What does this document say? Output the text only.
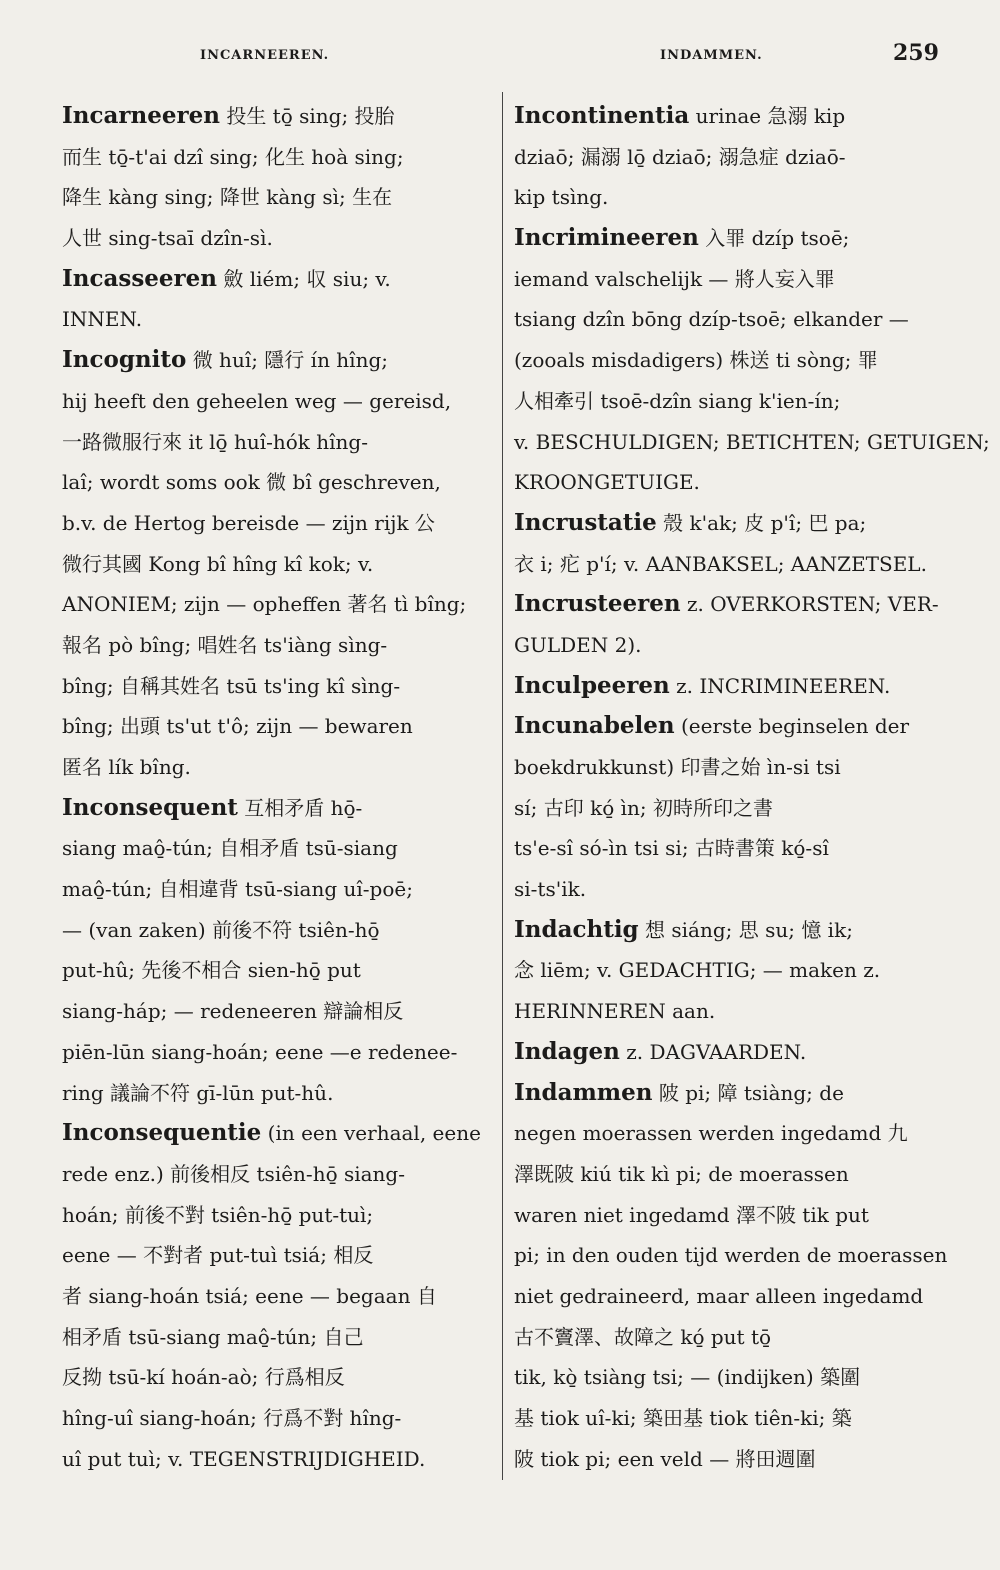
INCARNEEREN.	INDAMMEN.	259
Incarneeren 投生 tō̱ sing; 投胎
而生 tō̱-t'ai dzî sing; 化生 hoà sing;
降生 kàng sing; 降世 kàng sì; 生在
人世 sing-tsaī dzîn-sì.
Incasseeren 斂 liém; 収 siu; v.
INNEN.
Incognito 微 huî; 隱行 ín hîng;
hij heeft den geheelen weg — gereisd,
一路微服行來 it lō̱ huî-hók hîng-
laî; wordt soms ook 微 bî geschreven,
b.v. de Hertog bereisde — zijn rijk 公
微行其國 Kong bî hîng kî kok; v.
ANONIEM; zijn — opheffen 著名 tì bîng;
報名 pò bîng; 唱姓名 ts'iàng sìng-
bîng; 自稱其姓名 tsū ts'ing kî sìng-
bîng; 出頭 ts'ut t'ô; zijn — bewaren
匿名 lík bîng.
Inconsequent 互相矛盾 hō̱-
siang maô̱-tún; 自相矛盾 tsū-siang
maô̱-tún; 自相違背 tsū-siang uî-poē;
— (van zaken) 前後不符 tsiên-hō̱
put-hû; 先後不相合 sien-hō̱ put
siang-háp; — redeneeren 辯論相反
piēn-lūn siang-hoán; eene —e redenee-
ring 議論不符 gī-lūn put-hû.
Inconsequentie (in een verhaal, eene
rede enz.) 前後相反 tsiên-hō̱ siang-
hoán; 前後不對 tsiên-hō̱ put-tuì;
eene — 不對者 put-tuì tsiá; 相反
者 siang-hoán tsiá; eene — begaan 自
相矛盾 tsū-siang maô̱-tún; 自己
反拗 tsū-kí hoán-aò; 行爲相反
hîng-uî siang-hoán; 行爲不對 hîng-
uî put tuì; v. TEGENSTRIJDIGHEID.
Incontinentia urinae 急溺 kip
dziaō; 漏溺 lō̱ dziaō; 溺急症 dziaō-
kip tsìng.
Incrimineeren 入罪 dzíp tsoē;
iemand valschelijk — 將人妄入罪
tsiang dzîn bōng dzíp-tsoē; elkander —
(zooals misdadigers) 株送 ti sòng; 罪
人相牽引 tsoē-dzîn siang k'ien-ín;
v. BESCHULDIGEN; BETICHTEN; GETUIGEN;
KROONGETUIGE.
Incrustatie 殼 k'ak; 皮 p'î; 巴 pa;
衣 i; 疕 p'í; v. AANBAKSEL; AANZETSEL.
Incrusteeren z. OVERKORSTEN; VER-
GULDEN 2).
Inculpeeren z. INCRIMINEEREN.
Incunabelen (eerste beginselen der
boekdrukkunst) 印書之始 ìn-si tsi
sí; 古印 kó̱ ìn; 初時所印之書
ts'e-sî só-ìn tsi si; 古時書策 kó̱-sî
si-ts'ik.
Indachtig 想 siáng; 思 su; 憶 ik;
念 liēm; v. GEDACHTIG; — maken z.
HERINNEREN aan.
Indagen z. DAGVAARDEN.
Indammen 陂 pi; 障 tsiàng; de
negen moerassen werden ingedamd 九
澤既陂 kiú tik kì pi; de moerassen
waren niet ingedamd 澤不陂 tik put
pi; in den ouden tijd werden de moerassen
niet gedraineerd, maar alleen ingedamd
古不竇澤、故障之 kó̱ put tō̱
tik, kò̱ tsiàng tsi; — (indijken) 築圍
基 tiok uî-ki; 築田基 tiok tiên-ki; 築
陂 tiok pi; een veld — 將田週圍
